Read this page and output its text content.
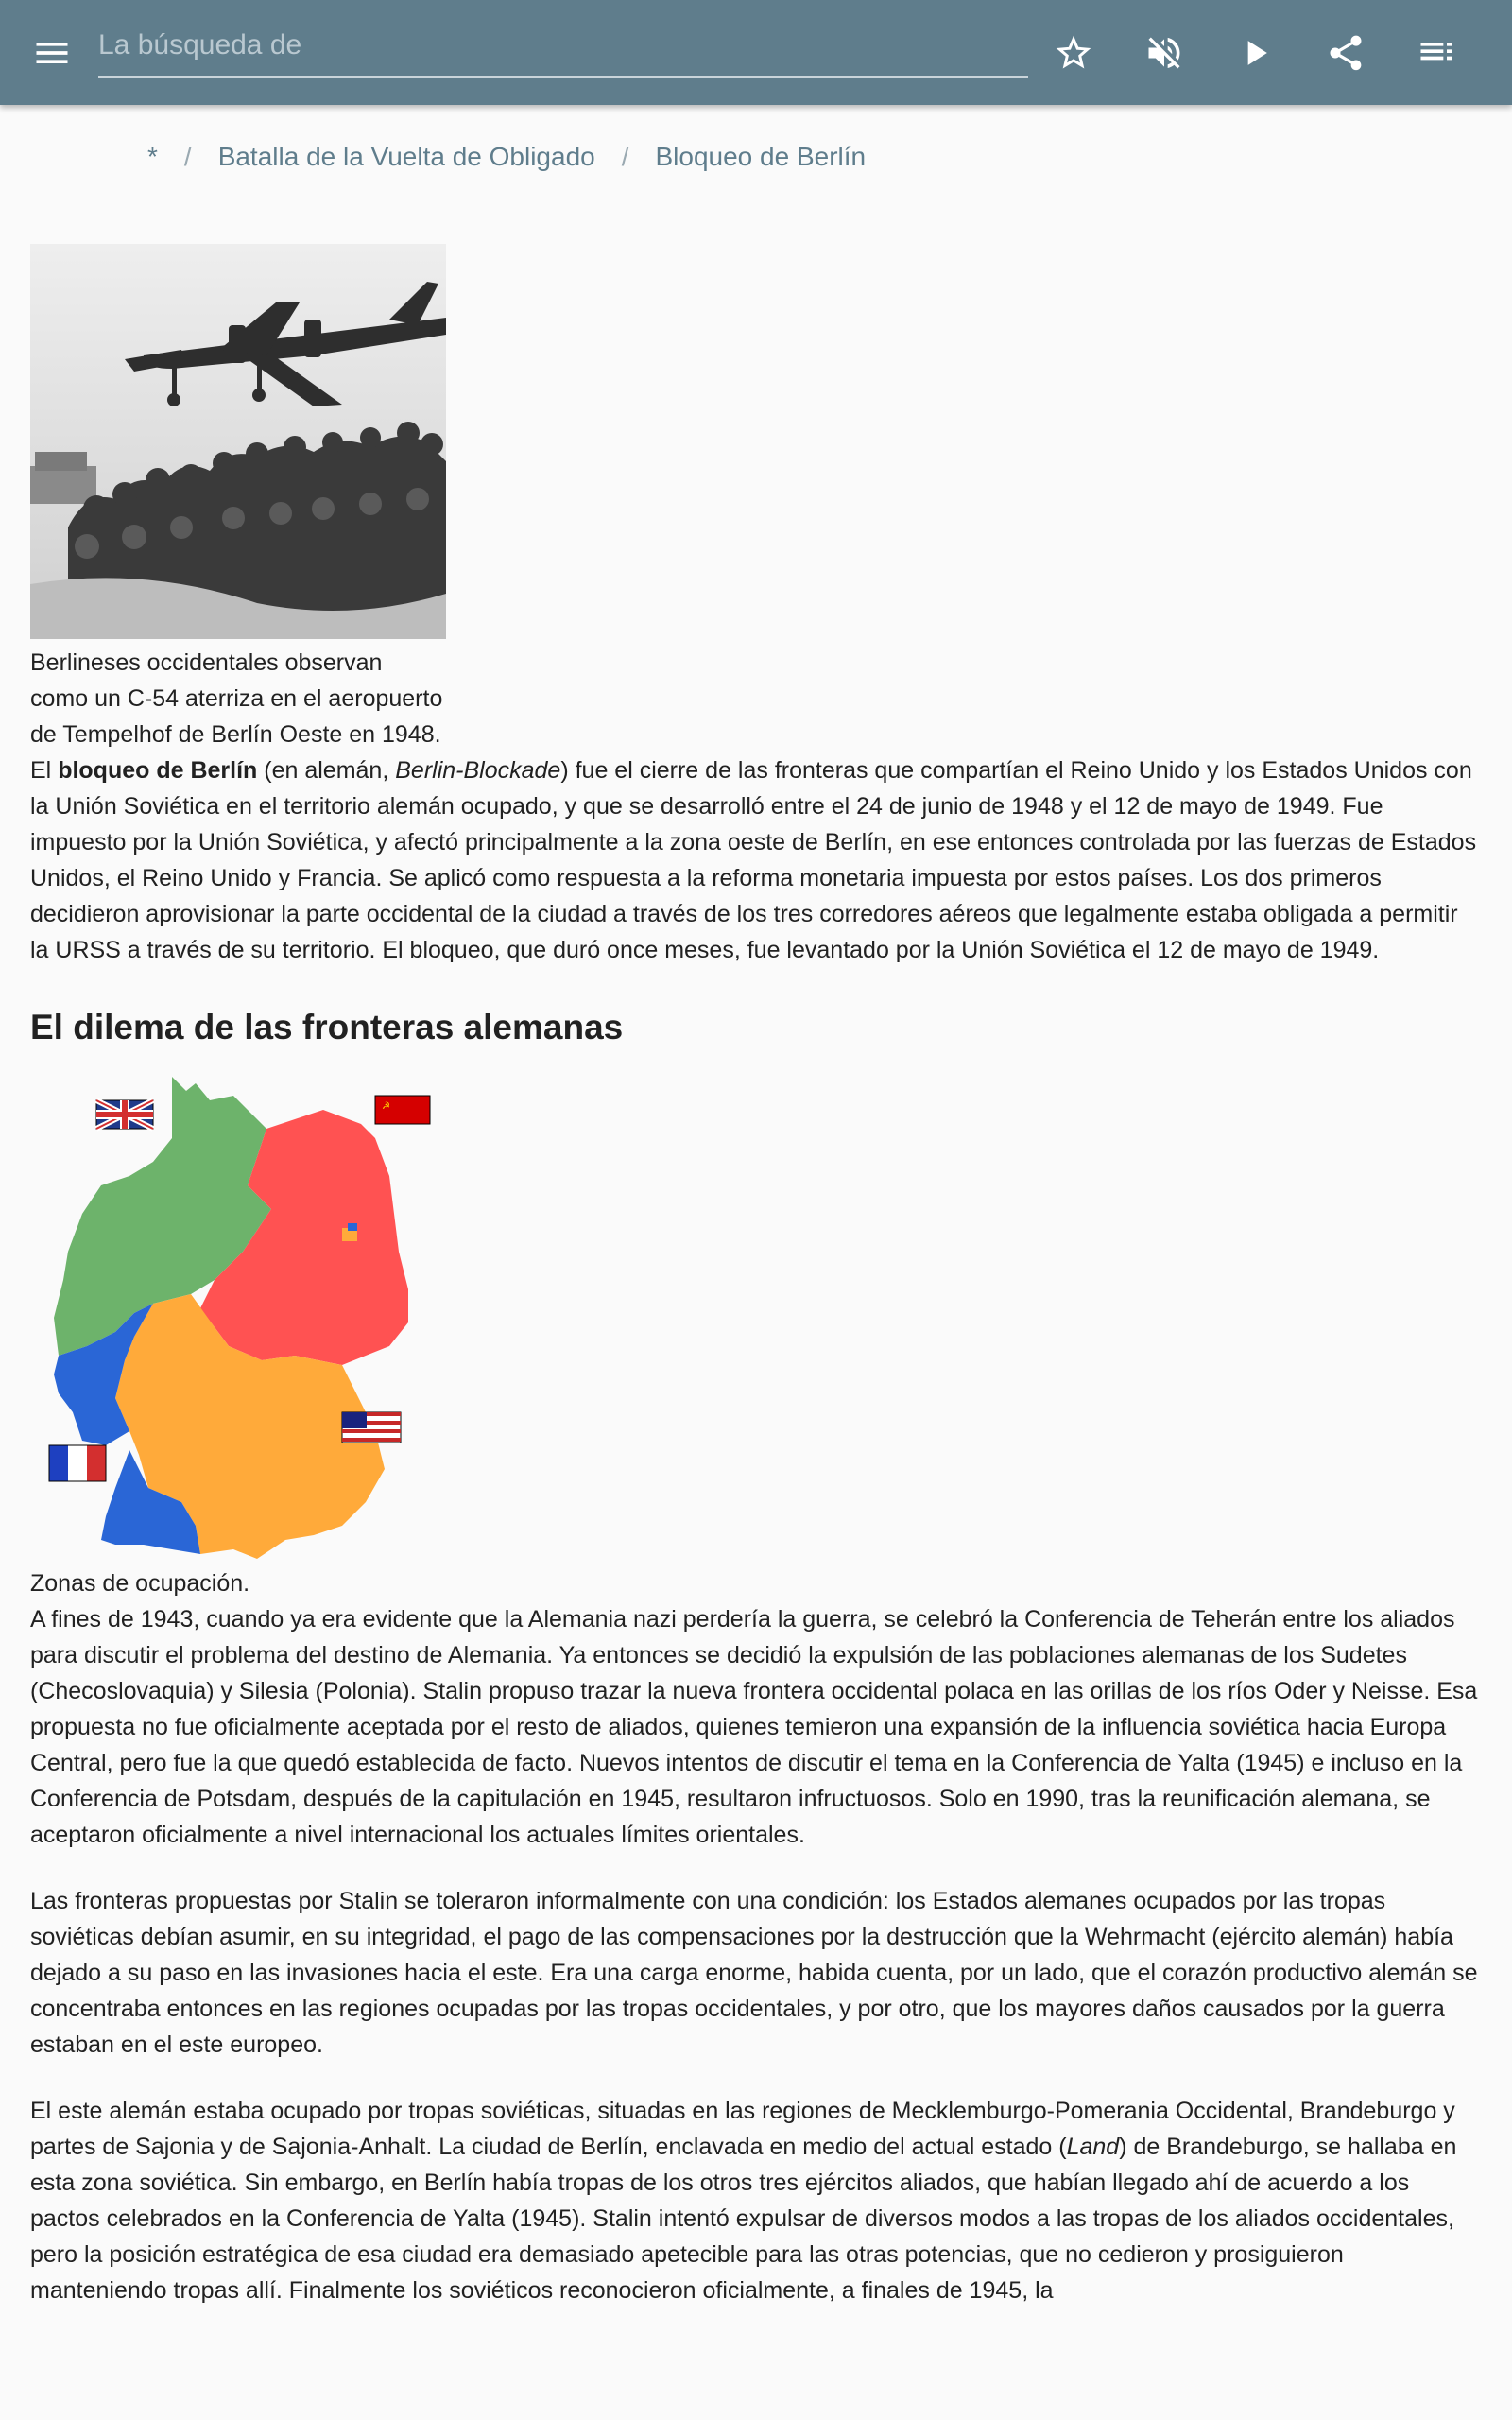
La búsqueda de
* / Batalla de la Vuelta de Obligado / Bloqueo de Berlín

Berlineses occidentales observan como un C-54 aterriza en el aeropuerto de Tempelhof de Berlín Oeste en 1948.

El bloqueo de Berlín (en alemán, Berlin-Blockade) fue el cierre de las fronteras que compartían el Reino Unido y los Estados Unidos con la Unión Soviética en el territorio alemán ocupado, y que se desarrolló entre el 24 de junio de 1948 y el 12 de mayo de 1949. Fue impuesto por la Unión Soviética, y afectó principalmente a la zona oeste de Berlín, en ese entonces controlada por las fuerzas de Estados Unidos, el Reino Unido y Francia. Se aplicó como respuesta a la reforma monetaria impuesta por estos países. Los dos primeros decidieron aprovisionar la parte occidental de la ciudad a través de los tres corredores aéreos que legalmente estaba obligada a permitir la URSS a través de su territorio. El bloqueo, que duró once meses, fue levantado por la Unión Soviética el 12 de mayo de 1949.

El dilema de las fronteras alemanas
☭

Zonas de ocupación.

A fines de 1943, cuando ya era evidente que la Alemania nazi perdería la guerra, se celebró la Conferencia de Teherán entre los aliados para discutir el problema del destino de Alemania. Ya entonces se decidió la expulsión de las poblaciones alemanas de los Sudetes (Checoslovaquia) y Silesia (Polonia). Stalin propuso trazar la nueva frontera occidental polaca en las orillas de los ríos Oder y Neisse. Esa propuesta no fue oficialmente aceptada por el resto de aliados, quienes temieron una expansión de la influencia soviética hacia Europa Central, pero fue la que quedó establecida de facto. Nuevos intentos de discutir el tema en la Conferencia de Yalta (1945) e incluso en la Conferencia de Potsdam, después de la capitulación en 1945, resultaron infructuosos. Solo en 1990, tras la reunificación alemana, se aceptaron oficialmente a nivel internacional los actuales límites orientales.

Las fronteras propuestas por Stalin se toleraron informalmente con una condición: los Estados alemanes ocupados por las tropas soviéticas debían asumir, en su integridad, el pago de las compensaciones por la destrucción que la Wehrmacht (ejército alemán) había dejado a su paso en las invasiones hacia el este. Era una carga enorme, habida cuenta, por un lado, que el corazón productivo alemán se concentraba entonces en las regiones ocupadas por las tropas occidentales, y por otro, que los mayores daños causados por la guerra estaban en el este europeo.

El este alemán estaba ocupado por tropas soviéticas, situadas en las regiones de Mecklemburgo-Pomerania Occidental, Brandeburgo y partes de Sajonia y de Sajonia-Anhalt. La ciudad de Berlín, enclavada en medio del actual estado (Land) de Brandeburgo, se hallaba en esta zona soviética. Sin embargo, en Berlín había tropas de los otros tres ejércitos aliados, que habían llegado ahí de acuerdo a los pactos celebrados en la Conferencia de Yalta (1945). Stalin intentó expulsar de diversos modos a las tropas de los aliados occidentales, pero la posición estratégica de esa ciudad era demasiado apetecible para las otras potencias, que no cedieron y prosiguieron manteniendo tropas allí. Finalmente los soviéticos reconocieron oficialmente, a finales de 1945, la
